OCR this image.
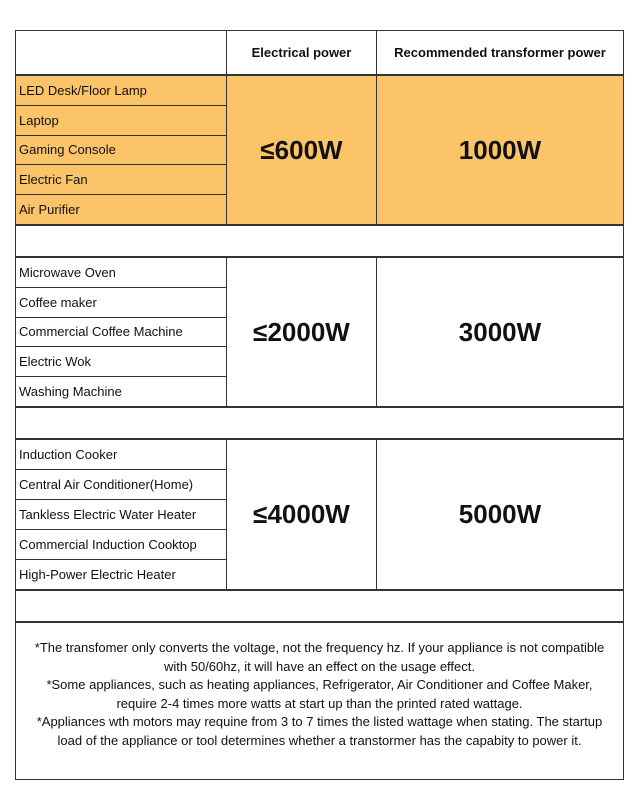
Electrical power	Recommended transformer power
LED Desk/Floor Lamp
Laptop
Gaming Console
Electric Fan
Air Purifier
≤600W	1000W
Microwave Oven
Coffee maker
Commercial Coffee Machine
Electric Wok
Washing Machine
≤2000W	3000W
Induction Cooker
Central Air Conditioner(Home)
Tankless Electric Water Heater
Commercial Induction Cooktop
High-Power Electric Heater
≤4000W	5000W

*The transfomer only converts the voltage, not the frequency hz. If your appliance is not compatible with 50/60hz, it will have an effect on the usage effect.

*Some appliances, such as heating appliances, Refrigerator, Air Conditioner and Coffee Maker, require 2-4 times more watts at start up than the printed rated wattage.

*Appliances wth motors may requine from 3 to 7 times the listed wattage when stating. The startup load of the appliance or tool determines whether a transtormer has the capabity to power it.
